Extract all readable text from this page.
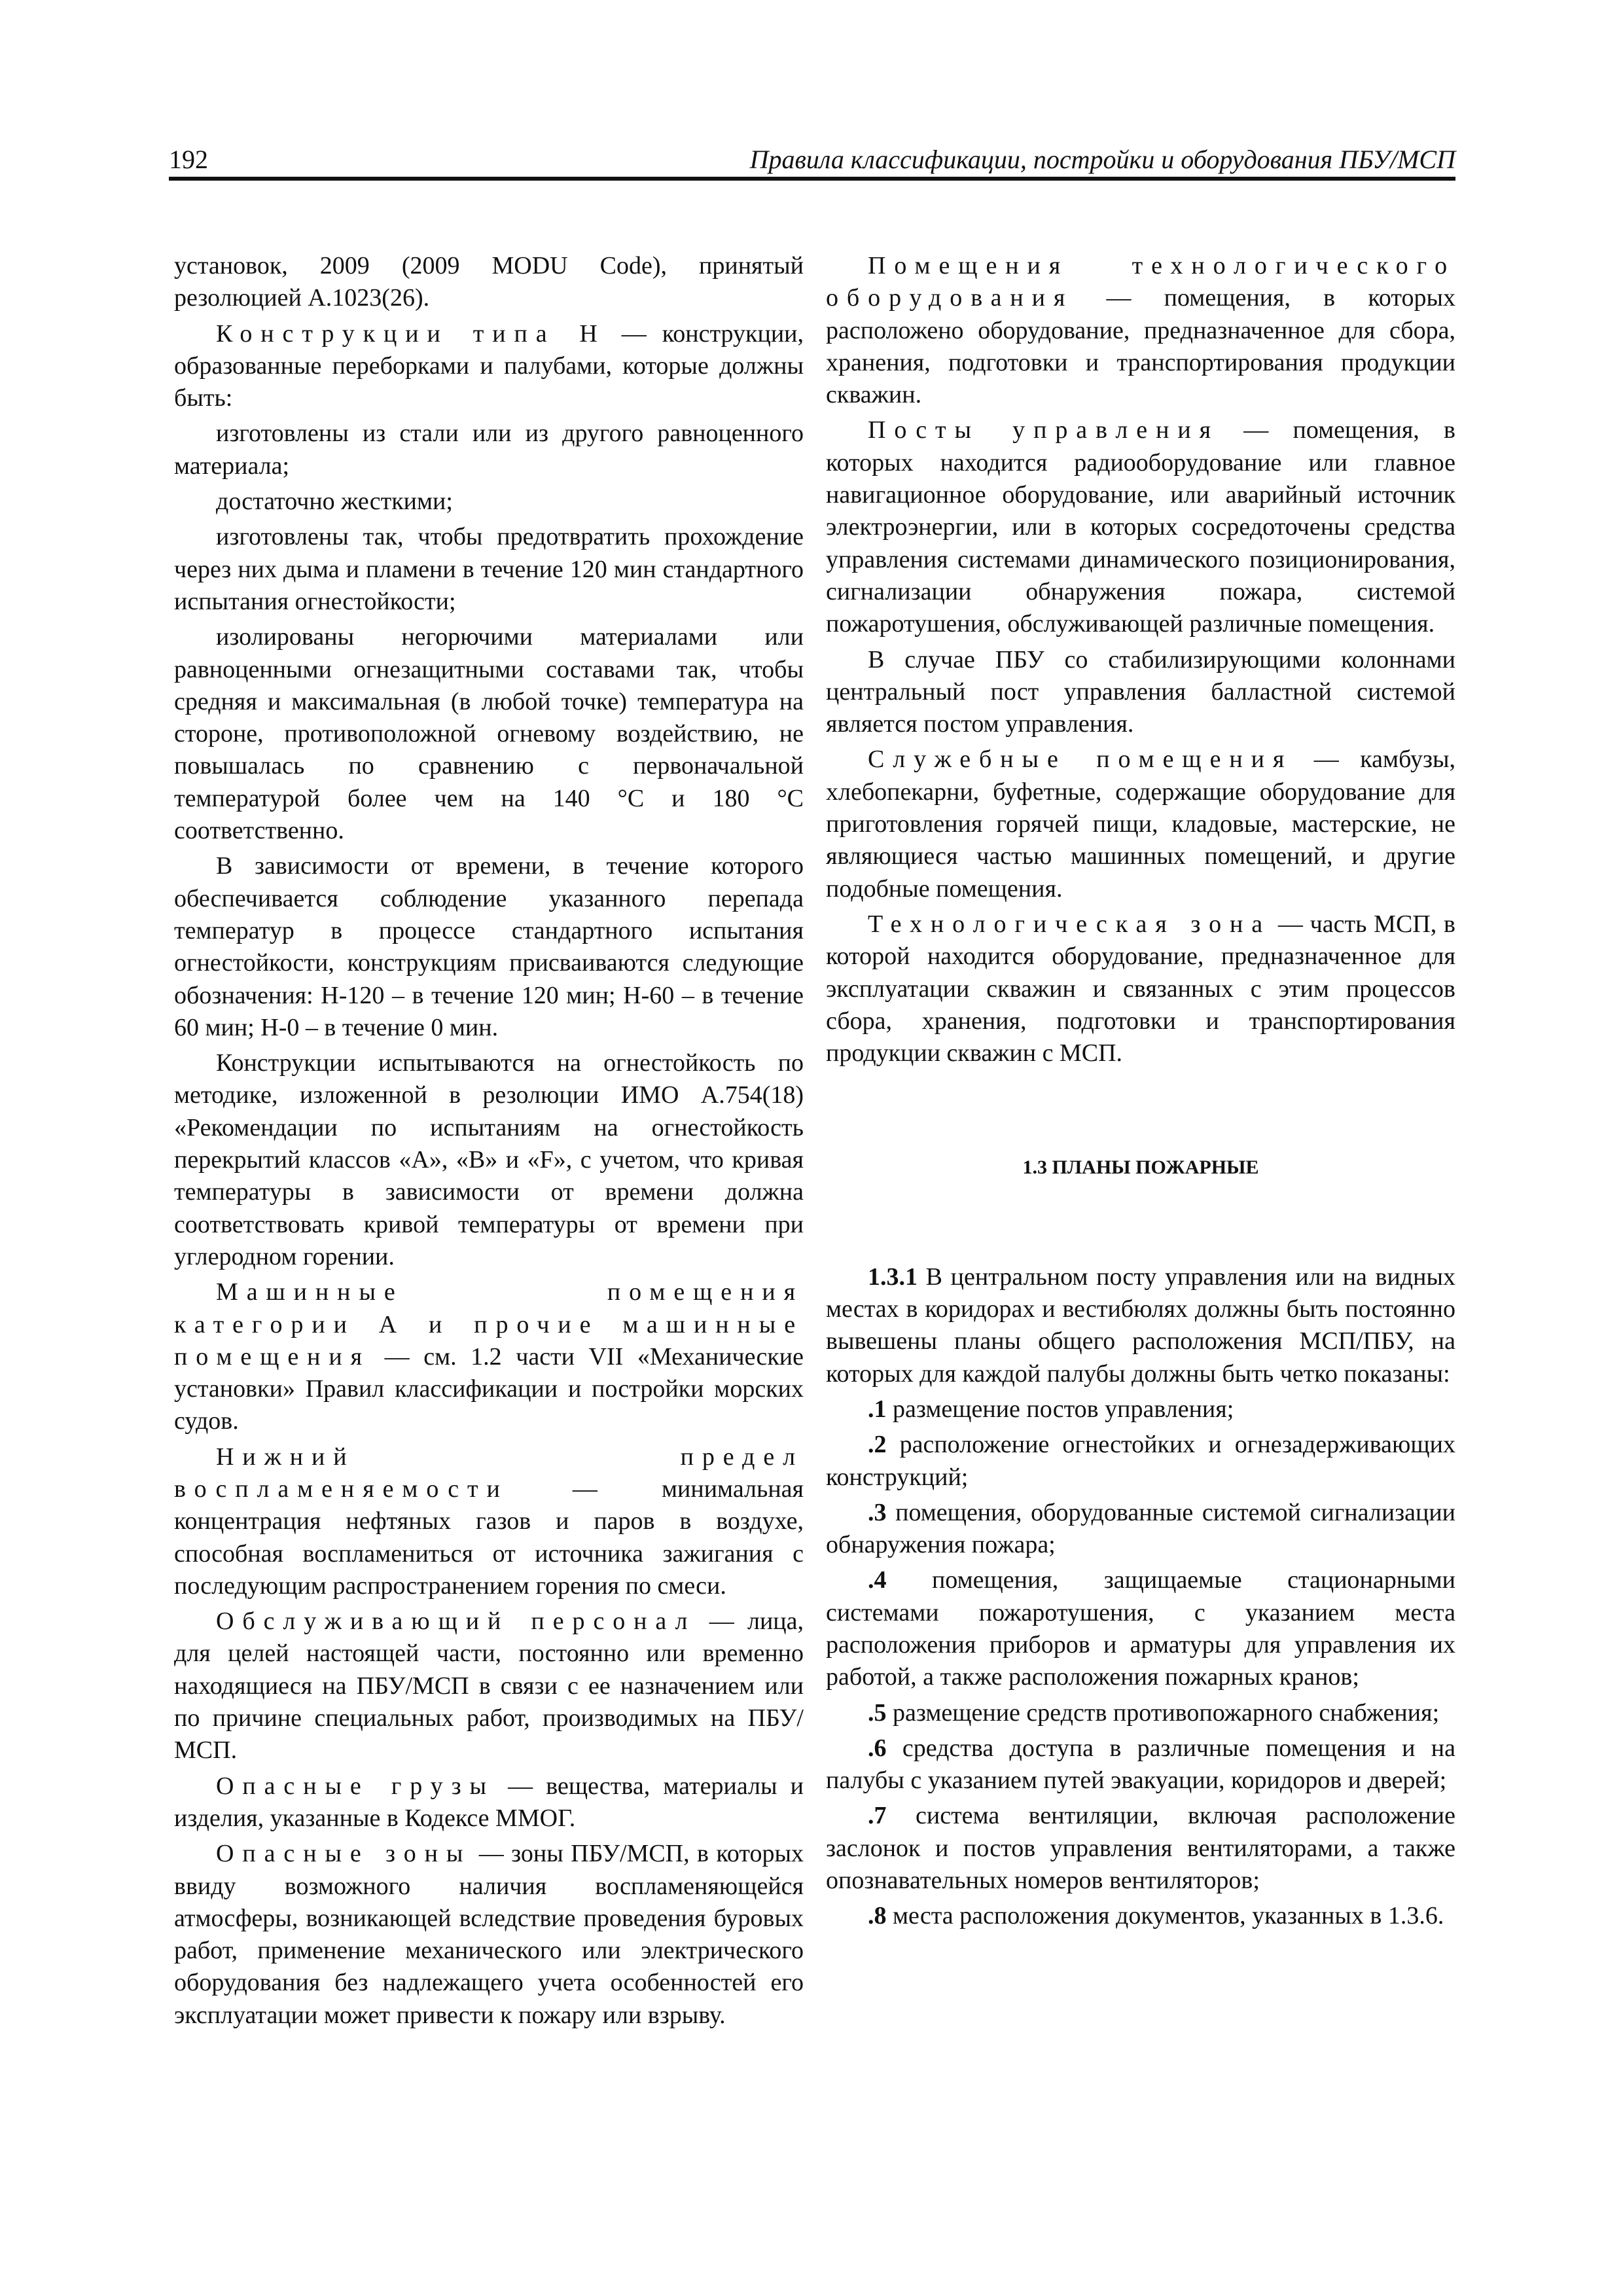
192	Правила классификации, постройки и оборудования ПБУ/МСП

установок, 2009 (2009 MODU Code), принятый резолюцией А.1023(26).

Конструкции типа Н — конструкции, образованные переборками и палубами, которые должны быть:

изготовлены из стали или из другого равноценного материала;

достаточно жесткими;

изготовлены так, чтобы предотвратить прохождение через них дыма и пламени в течение 120 мин стандартного испытания огнестойкости;

изолированы негорючими материалами или равноценными огнезащитными составами так, чтобы средняя и максимальная (в любой точке) температура на стороне, противоположной огневому воздействию, не повышалась по сравнению с первоначальной температурой более чем на 140 °С и 180 °С соответственно.

В зависимости от времени, в течение которого обеспечивается соблюдение указанного перепада температур в процессе стандартного испытания огнестойкости, конструкциям присваиваются следующие обозначения: Н-120 – в течение 120 мин; Н-60 – в течение 60 мин; Н-0 – в течение 0 мин.

Конструкции испытываются на огнестойкость по методике, изложенной в резолюции ИМО А.754(18) «Рекомендации по испытаниям на огнестойкость перекрытий классов «А», «В» и «F», с учетом, что кривая температуры в зависимости от времени должна соответствовать кривой температуры от времени при углеродном горении.

Машинные помещения категории А и прочие машинные помещения — см. 1.2 части VII «Механические установки» Правил классификации и постройки морских судов.

Нижний предел воспламеняемости — минимальная концентрация нефтяных газов и паров в воздухе, способная воспламениться от источника зажигания с последующим распространением горения по смеси.

Обслуживающий персонал — лица, для целей настоящей части, постоянно или временно находящиеся на ПБУ/МСП в связи с ее назначением или по причине специальных работ, производимых на ПБУ/МСП.

Опасные грузы — вещества, материалы и изделия, указанные в Кодексе ММОГ.

Опасные зоны — зоны ПБУ/МСП, в которых ввиду возможного наличия воспламеняющейся атмосферы, возникающей вследствие проведения буровых работ, применение механического или электрического оборудования без надлежащего учета особенностей его эксплуатации может привести к пожару или взрыву.

Помещения технологического оборудования — помещения, в которых расположено оборудование, предназначенное для сбора, хранения, подготовки и транспортирования продукции скважин.

Посты управления — помещения, в которых находится радиооборудование или главное навигационное оборудование, или аварийный источник электроэнергии, или в которых сосредоточены средства управления системами динамического позиционирования, сигнализации обнаружения пожара, системой пожаротушения, обслуживающей различные помещения.

В случае ПБУ со стабилизирующими колоннами центральный пост управления балластной системой является постом управления.

Служебные помещения — камбузы, хлебопекарни, буфетные, содержащие оборудование для приготовления горячей пищи, кладовые, мастерские, не являющиеся частью машинных помещений, и другие подобные помещения.

Технологическая зона — часть МСП, в которой находится оборудование, предназначенное для эксплуатации скважин и связанных с этим процессов сбора, хранения, подготовки и транспортирования продукции скважин с МСП.

1.3 ПЛАНЫ ПОЖАРНЫЕ

1.3.1 В центральном посту управления или на видных местах в коридорах и вестибюлях должны быть постоянно вывешены планы общего расположения МСП/ПБУ, на которых для каждой палубы должны быть четко показаны:

.1 размещение постов управления;

.2 расположение огнестойких и огнезадерживающих конструкций;

.3 помещения, оборудованные системой сигнализации обнаружения пожара;

.4 помещения, защищаемые стационарными системами пожаротушения, с указанием места расположения приборов и арматуры для управления их работой, а также расположения пожарных кранов;

.5 размещение средств противопожарного снабжения;

.6 средства доступа в различные помещения и на палубы с указанием путей эвакуации, коридоров и дверей;

.7 система вентиляции, включая расположение заслонок и постов управления вентиляторами, а также опознавательных номеров вентиляторов;

.8 места расположения документов, указанных в 1.3.6.
